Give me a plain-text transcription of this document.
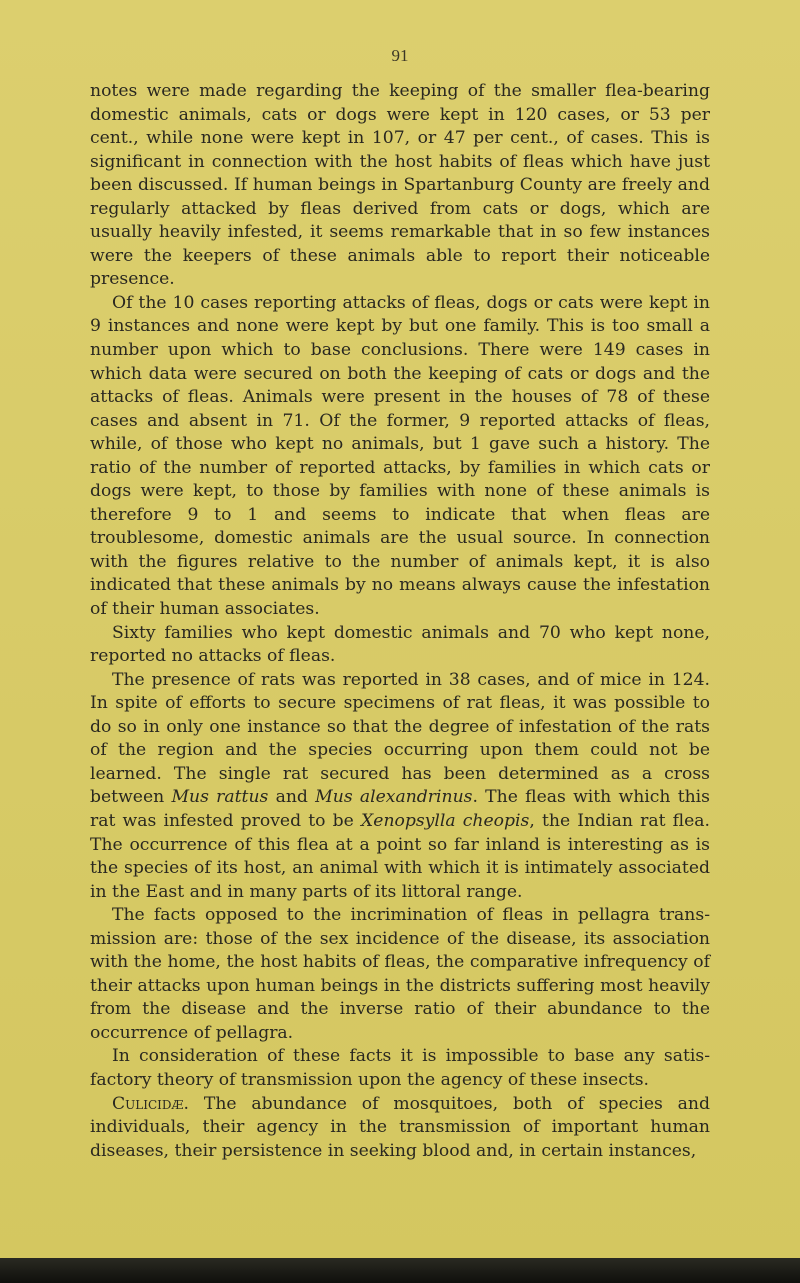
91

notes were made regarding the keeping of the smaller flea-bearing domestic animals, cats or dogs were kept in 120 cases, or 53 per cent., while none were kept in 107, or 47 per cent., of cases. This is significant in connection with the host habits of fleas which have just been discussed. If human beings in Spartanburg County are freely and regularly attacked by fleas derived from cats or dogs, which are usually heavily infested, it seems remarkable that in so few instances were the keepers of these animals able to report their noticeable presence.

Of the 10 cases reporting attacks of fleas, dogs or cats were kept in 9 instances and none were kept by but one family. This is too small a number upon which to base conclusions. There were 149 cases in which data were secured on both the keeping of cats or dogs and the attacks of fleas. Animals were present in the houses of 78 of these cases and absent in 71. Of the former, 9 reported attacks of fleas, while, of those who kept no animals, but 1 gave such a history. The ratio of the number of reported attacks, by families in which cats or dogs were kept, to those by families with none of these animals is therefore 9 to 1 and seems to indicate that when fleas are troublesome, domestic animals are the usual source. In connection with the figures relative to the number of animals kept, it is also indicated that these animals by no means always cause the infestation of their human associates.

Sixty families who kept domestic animals and 70 who kept none, reported no attacks of fleas.

The presence of rats was reported in 38 cases, and of mice in 124. In spite of efforts to secure specimens of rat fleas, it was possible to do so in only one instance so that the degree of infestation of the rats of the region and the species occurring upon them could not be learned. The single rat secured has been determined as a cross between Mus rattus and Mus alexandrinus. The fleas with which this rat was infested proved to be Xenopsylla cheopis, the Indian rat flea. The occurrence of this flea at a point so far inland is interesting as is the species of its host, an animal with which it is intimately associated in the East and in many parts of its littoral range.

The facts opposed to the incrimination of fleas in pellagra transmission are: those of the sex incidence of the disease, its association with the home, the host habits of fleas, the comparative infrequency of their attacks upon human beings in the districts suffering most heavily from the disease and the inverse ratio of their abundance to the occurrence of pellagra.

In consideration of these facts it is impossible to base any satisfactory theory of transmission upon the agency of these insects.

Culicidæ. The abundance of mosquitoes, both of species and individuals, their agency in the transmission of important human diseases, their persistence in seeking blood and, in certain instances,
